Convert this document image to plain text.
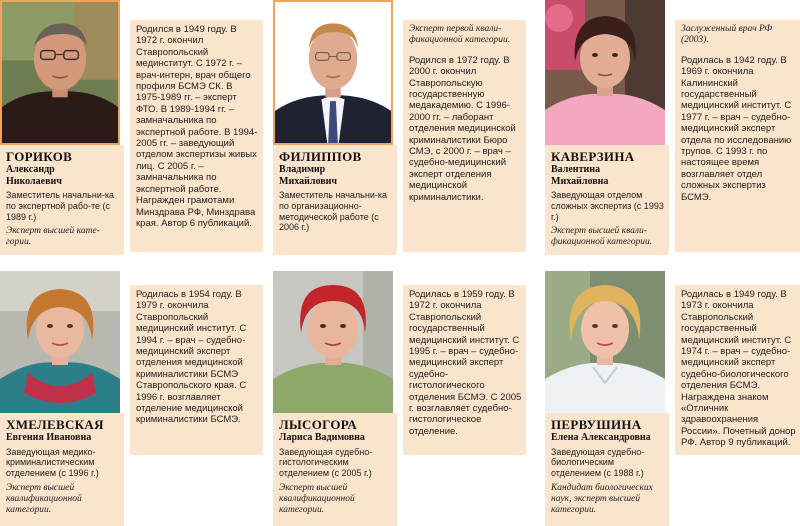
Родился в 1949 году. В 1972 г. окончил Ставропольский мединститут. С 1972 г. – врач-интерн, врач общего профиля БСМЭ СК. В 1975-1989 гг. – эксперт ФТО. В 1989-1994 гг. – замначальника по экспертной работе. В 1994-2005 гг. – заведующий отделом экспертизы живых лиц. С 2005 г. – замначальника по экспертной работе. Награжден грамотами Минздрава РФ, Минздрава края. Автор 6 публикаций.

ГОРИКОВ

Александр

Николаевич

Заместитель начальни-ка по экспертной рабо-те (с 1989 г.)

Эксперт высшей кате-гории.

ФИЛИППОВ

Владимир

Михайлович

Заместитель начальни-ка по организационно-методической работе (с 2006 г.)

Эксперт первой квали-фикационной категории.

Родился в 1972 году. В 2000 г. окончил Ставропольскую государственную медакадемию. С 1996-2000 гг. – лаборант отделения медицинской криминалистики Бюро СМЭ, с 2000 г. – врач – судебно-медицинский эксперт отделения медицинской криминалистики.

Заслуженный врач РФ (2003).

Родилась в 1942 году. В 1969 г. окончила Калининский государственный медицинский институт. С 1977 г. – врач – судебно-медицинский эксперт отдела по исследованию трупов. С 1993 г. по настоящее время возглавляет отдел сложных экспертиз БСМЭ.

КАВЕРЗИНА

Валентина

Михайловна

Заведующая отделом сложных экспертиз (с 1993 г.)

Эксперт высшей квали-фикационной категории.

ХМЕЛЕВСКАЯ

Евгения Ивановна

Заведующая медико-криминалистическим отделением (с 1996 г.)

Эксперт высшей квалификационной категории.

Родилась в 1954 году. В 1979 г. окончила Ставропольский медицинский институт. С 1994 г. – врач – судебно-медицинский эксперт отделения медицинской криминалистики БСМЭ Ставропольского края. С 1996 г. возглавляет отделение медицинской криминалистики БСМЭ.	ЛЫСОГОРА

Лариса Вадимовна

Заведующая судебно-гистологическим отделением (с 2005 г.)

Эксперт высшей квалификационной категории.

Родилась в 1959 году. В 1972 г. окончила Ставропольский государственный медицинский институт. С 1995 г. – врач – судебно-медицинский эксперт судебно-гистологического отделения БСМЭ. С 2005 г. возглавляет судебно-гистологическое отделение.	ПЕРВУШИНА

Елена Александровна

Заведующая судебно-биологическим отделением (с 1988 г.)

Кандидат биологических наук, эксперт высшей категории.

Родилась в 1949 году. В 1973 г. окончила Ставропольский государственный медицинский институт. С 1974 г. – врач – судебно-медицинский эксперт судебно-биологического отделения БСМЭ. Награждена знаком «Отличник здравоохранения России». Почетный донор РФ. Автор 9 публикаций.
